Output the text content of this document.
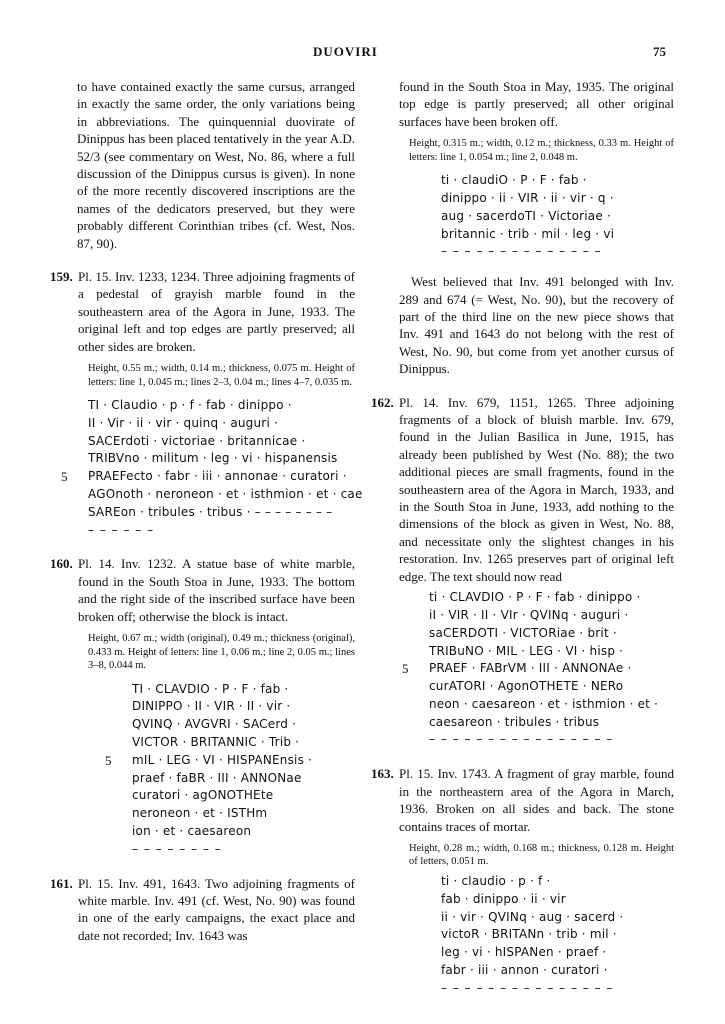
DUOVIRI	75

to have contained exactly the same cursus, arranged in exactly the same order, the only variations being in abbreviations. The quinquennial duovirate of Dinippus has been placed tentatively in the year A.D. 52/3 (see commentary on West, No. 86, where a full discussion of the Dinippus cursus is given). In none of the more recently discovered inscriptions are the names of the dedicators preserved, but they were probably different Corinthian tribes (cf. West, Nos. 87, 90).

159. Pl. 15. Inv. 1233, 1234. Three adjoining fragments of a pedestal of grayish marble found in the southeastern area of the Agora in June, 1933. The original left and top edges are partly preserved; all other sides are broken.

Height, 0.55 m.; width, 0.14 m.; thickness, 0.075 m. Height of letters: line 1, 0.045 m.; lines 2–3, 0.04 m.; lines 4–7, 0.035 m.

TI · Claudio · p · f · fab · dinippo ·
II · Vir · ii · vir · quinq · auguri ·
SACErdoti · victoriae · britannicae ·
TRIBVno · militum · leg · vi · hispanensis
5 PRAEFecto · fabr · iii · annonae · curatori ·
AGOnoth · neroneon · et · isthmion · et · cae
SAREon · tribules · tribus · – – – – – – – –
– – – – – –
160. Pl. 14. Inv. 1232. A statue base of white marble, found in the South Stoa in June, 1933. The bottom and the right side of the inscribed surface have been broken off; otherwise the block is intact.

Height, 0.67 m.; width (original), 0.49 m.; thickness (original), 0.433 m. Height of letters: line 1, 0.06 m.; line 2, 0.05 m.; lines 3–8, 0.044 m.

TI · CLAVDIO · P · F · fab ·
DINIPPO · II · VIR · II · vir ·
QVINQ · AVGVRI · SACerd ·
VICTOR · BRITANNIC · Trib ·
5 mIL · LEG · VI · HISPANEnsis ·
praef · faBR · III · ANNONae
curatori · agONOTHEte
neroneon · et · ISTHm
ion · et · caesareon
– – – – – – – –
161. Pl. 15. Inv. 491, 1643. Two adjoining fragments of white marble. Inv. 491 (cf. West, No. 90) was found in one of the early campaigns, the exact place and date not recorded; Inv. 1643 was

found in the South Stoa in May, 1935. The original top edge is partly preserved; all other original surfaces have been broken off.

Height, 0.315 m.; width, 0.12 m.; thickness, 0.33 m. Height of letters: line 1, 0.054 m.; line 2, 0.048 m.

ti · claudiO · P · F · fab ·
dinippo · ii · VIR · ii · vir · q ·
aug · sacerdoTI · Victoriae ·
britannic · trib · mil · leg · vi
– – – – – – – – – – – – – –

West believed that Inv. 491 belonged with Inv. 289 and 674 (= West, No. 90), but the recovery of part of the third line on the new piece shows that Inv. 491 and 1643 do not belong with the rest of West, No. 90, but come from yet another cursus of Dinippus.

162. Pl. 14. Inv. 679, 1151, 1265. Three adjoining fragments of a block of bluish marble. Inv. 679, found in the Julian Basilica in June, 1915, has already been published by West (No. 88); the two additional pieces are small fragments, found in the southeastern area of the Agora in March, 1933, and in the South Stoa in June, 1933, add nothing to the dimensions of the block as given in West, No. 88, and necessitate only the slightest changes in his restoration. Inv. 1265 preserves part of original left edge. The text should now read

ti · CLAVDIO · P · F · fab · dinippo ·
iI · VIR · II · VIr · QVINq · auguri ·
saCERDOTI · VICTORiae · brit ·
TRIBuNO · MIL · LEG · VI · hisp ·
5 PRAEF · FABrVM · III · ANNONAe ·
curATORI · AgonOTHETE · NERo
neon · caesareon · et · isthmion · et ·
caesareon · tribules · tribus
– – – – – – – – – – – – – – – –
163. Pl. 15. Inv. 1743. A fragment of gray marble, found in the northeastern area of the Agora in March, 1936. Broken on all sides and back. The stone contains traces of mortar.

Height, 0.28 m.; width, 0.168 m.; thickness, 0.128 m. Height of letters, 0.051 m.

ti · claudio · p · f ·
fab · dinippo · ii · vir
ii · vir · QVINq · aug · sacerd ·
victoR · BRITANn · trib · mil ·
leg · vi · hISPANen · praef ·
fabr · iii · annon · curatori ·
– – – – – – – – – – – – – – –
